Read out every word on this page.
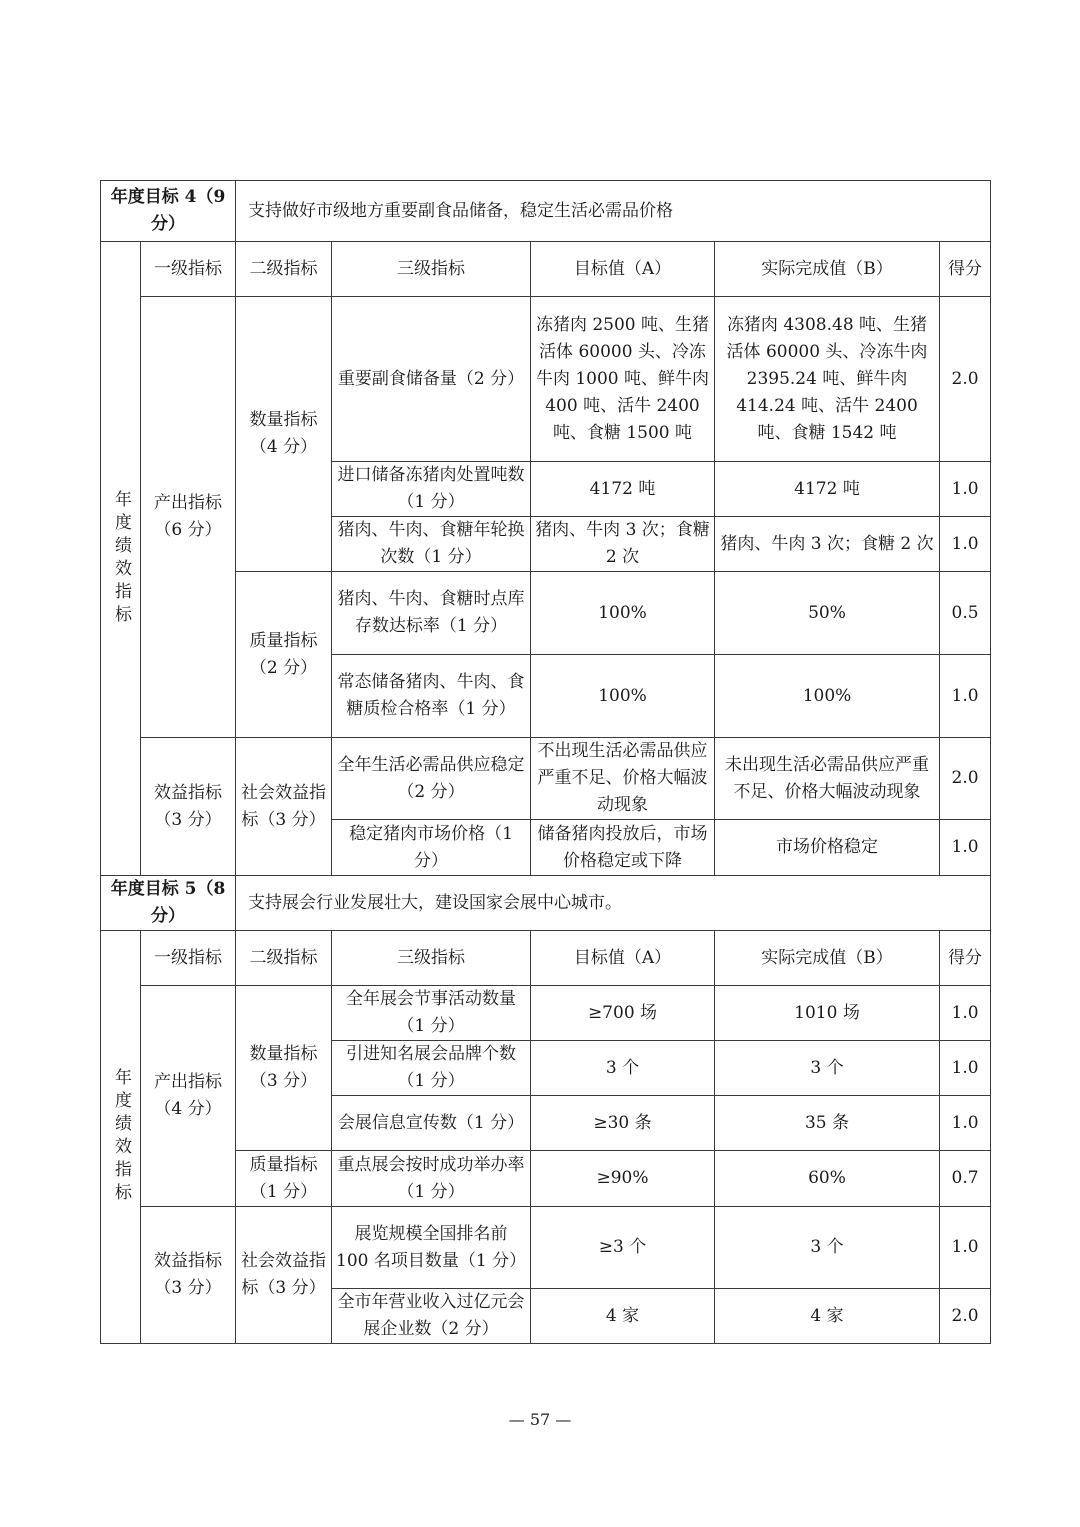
年度目标 4（9 分）		支持做好市级地方重要副食品储备，稳定生活必需品价格				
年度绩效指标	一级指标	二级指标	三级指标	目标值（A）	实际完成值（B）	得分
	产出指标（6 分）	数量指标（4 分）	重要副食储备量（2 分）	冻猪肉 2500 吨、生猪活体 60000 头、冷冻牛肉 1000 吨、鲜牛肉 400 吨、活牛 2400 吨、食糖 1500 吨	冻猪肉 4308.48 吨、生猪活体 60000 头、冷冻牛肉 2395.24 吨、鲜牛肉 414.24 吨、活牛 2400 吨、食糖 1542 吨	2.0
			进口储备冻猪肉处置吨数（1 分）	4172 吨	4172 吨	1.0
			猪肉、牛肉、食糖年轮换次数（1 分）	猪肉、牛肉 3 次；食糖 2 次	猪肉、牛肉 3 次；食糖 2 次	1.0
		质量指标（2 分）	猪肉、牛肉、食糖时点库存数达标率（1 分）	100%	50%	0.5
			常态储备猪肉、牛肉、食糖质检合格率（1 分）	100%	100%	1.0
	效益指标（3 分）	社会效益指标（3 分）	全年生活必需品供应稳定（2 分）	不出现生活必需品供应严重不足、价格大幅波动现象	未出现生活必需品供应严重不足、价格大幅波动现象	2.0
			稳定猪肉市场价格（1 分）	储备猪肉投放后，市场价格稳定或下降	市场价格稳定	1.0
年度目标 5（8 分）		支持展会行业发展壮大，建设国家会展中心城市。				
年度绩效指标	一级指标	二级指标	三级指标	目标值（A）	实际完成值（B）	得分
	产出指标（4 分）	数量指标（3 分）	全年展会节事活动数量（1 分）	≥700 场	1010 场	1.0
			引进知名展会品牌个数（1 分）	3 个	3 个	1.0
			会展信息宣传数（1 分）	≥30 条	35 条	1.0
		质量指标（1 分）	重点展会按时成功举办率（1 分）	≥90%	60%	0.7
	效益指标（3 分）	社会效益指标（3 分）	展览规模全国排名前 100 名项目数量（1 分）	≥3 个	3 个	1.0
			全市年营业收入过亿元会展企业数（2 分）	4 家	4 家	2.0
— 57 —
